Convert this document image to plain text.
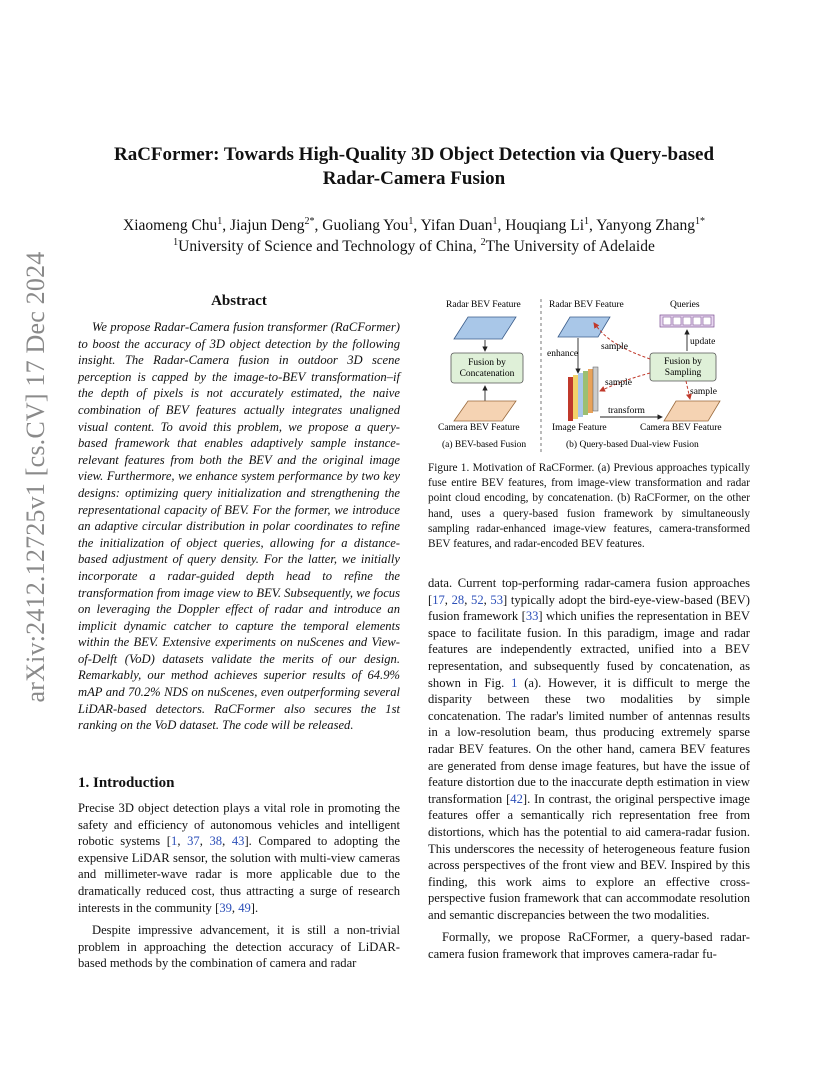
arXiv:2412.12725v1 [cs.CV] 17 Dec 2024
RaCFormer: Towards High-Quality 3D Object Detection via Query-based
Radar-Camera Fusion
Xiaomeng Chu$^1$, Jiajun Deng$^{2*}$, Guoliang You$^1$, Yifan Duan$^1$, Houqiang Li$^1$, Yanyong Zhang$^{1*}$
$^1$University of Science and Technology of China, $^2$The University of Adelaide
Abstract

We propose Radar-Camera fusion transformer (RaCFormer) to boost the accuracy of 3D object detection by the following insight. The Radar-Camera fusion in outdoor 3D scene perception is capped by the image-to-BEV transformation–if the depth of pixels is not accurately estimated, the naive combination of BEV features actually integrates unaligned visual content. To avoid this problem, we propose a query-based framework that enables adaptively sample instance-relevant features from both the BEV and the original image view. Furthermore, we enhance system performance by two key designs: optimizing query initialization and strengthening the representational capacity of BEV. For the former, we introduce an adaptive circular distribution in polar coordinates to refine the initialization of object queries, allowing for a distance-based adjustment of query density. For the latter, we initially incorporate a radar-guided depth head to refine the transformation from image view to BEV. Subsequently, we focus on leveraging the Doppler effect of radar and introduce an implicit dynamic catcher to capture the temporal elements within the BEV. Extensive experiments on nuScenes and View-of-Delft (VoD) datasets validate the merits of our design. Remarkably, our method achieves superior results of 64.9% mAP and 70.2% NDS on nuScenes, even outperforming several LiDAR-based detectors. RaCFormer also secures the 1st ranking on the VoD dataset. The code will be released.

1. Introduction

Precise 3D object detection plays a vital role in promoting the safety and efficiency of autonomous vehicles and intelligent robotic systems [1, 37, 38, 43]. Compared to adopting the expensive LiDAR sensor, the solution with multi-view cameras and millimeter-wave radar is more applicable due to the dramatically reduced cost, thus attracting a surge of research interests in the community [39, 49].

Despite impressive advancement, it is still a non-trivial problem in approaching the detection accuracy of LiDAR-based methods by the combination of camera and radar

Radar BEV Feature	Radar BEV Feature	Queries
Fusion by
Concatenation
Camera BEV Feature
(a) BEV-based Fusion
enhance
Image Feature	Camera BEV Feature
transform
update
Fusion by
Sampling
sample
sample
sample
(b) Query-based Dual-view Fusion
Figure 1. Motivation of RaCFormer. (a) Previous approaches typically fuse entire BEV features, from image-view transformation and radar point cloud encoding, by concatenation. (b) RaCFormer, on the other hand, uses a query-based fusion framework by simultaneously sampling radar-enhanced image-view features, camera-transformed BEV features, and radar-encoded BEV features.

data. Current top-performing radar-camera fusion approaches [17, 28, 52, 53] typically adopt the bird-eye-view-based (BEV) fusion framework [33] which unifies the representation in BEV space to facilitate fusion. In this paradigm, image and radar features are independently extracted, unified into a BEV representation, and subsequently fused by concatenation, as shown in Fig. 1 (a). However, it is difficult to merge the disparity between these two modalities by simple concatenation. The radar's limited number of antennas results in a low-resolution beam, thus producing extremely sparse radar BEV features. On the other hand, camera BEV features are generated from dense image features, but have the issue of feature distortion due to the inaccurate depth estimation in view transformation [42]. In contrast, the original perspective image features offer a semantically rich representation free from distortions, which has the potential to aid camera-radar fusion. This underscores the necessity of heterogeneous feature fusion across perspectives of the front view and BEV. Inspired by this finding, this work aims to explore an effective cross-perspective fusion framework that can accommodate resolution and semantic discrepancies between the two modalities.

Formally, we propose RaCFormer, a query-based radar-camera fusion framework that improves camera-radar fu-
